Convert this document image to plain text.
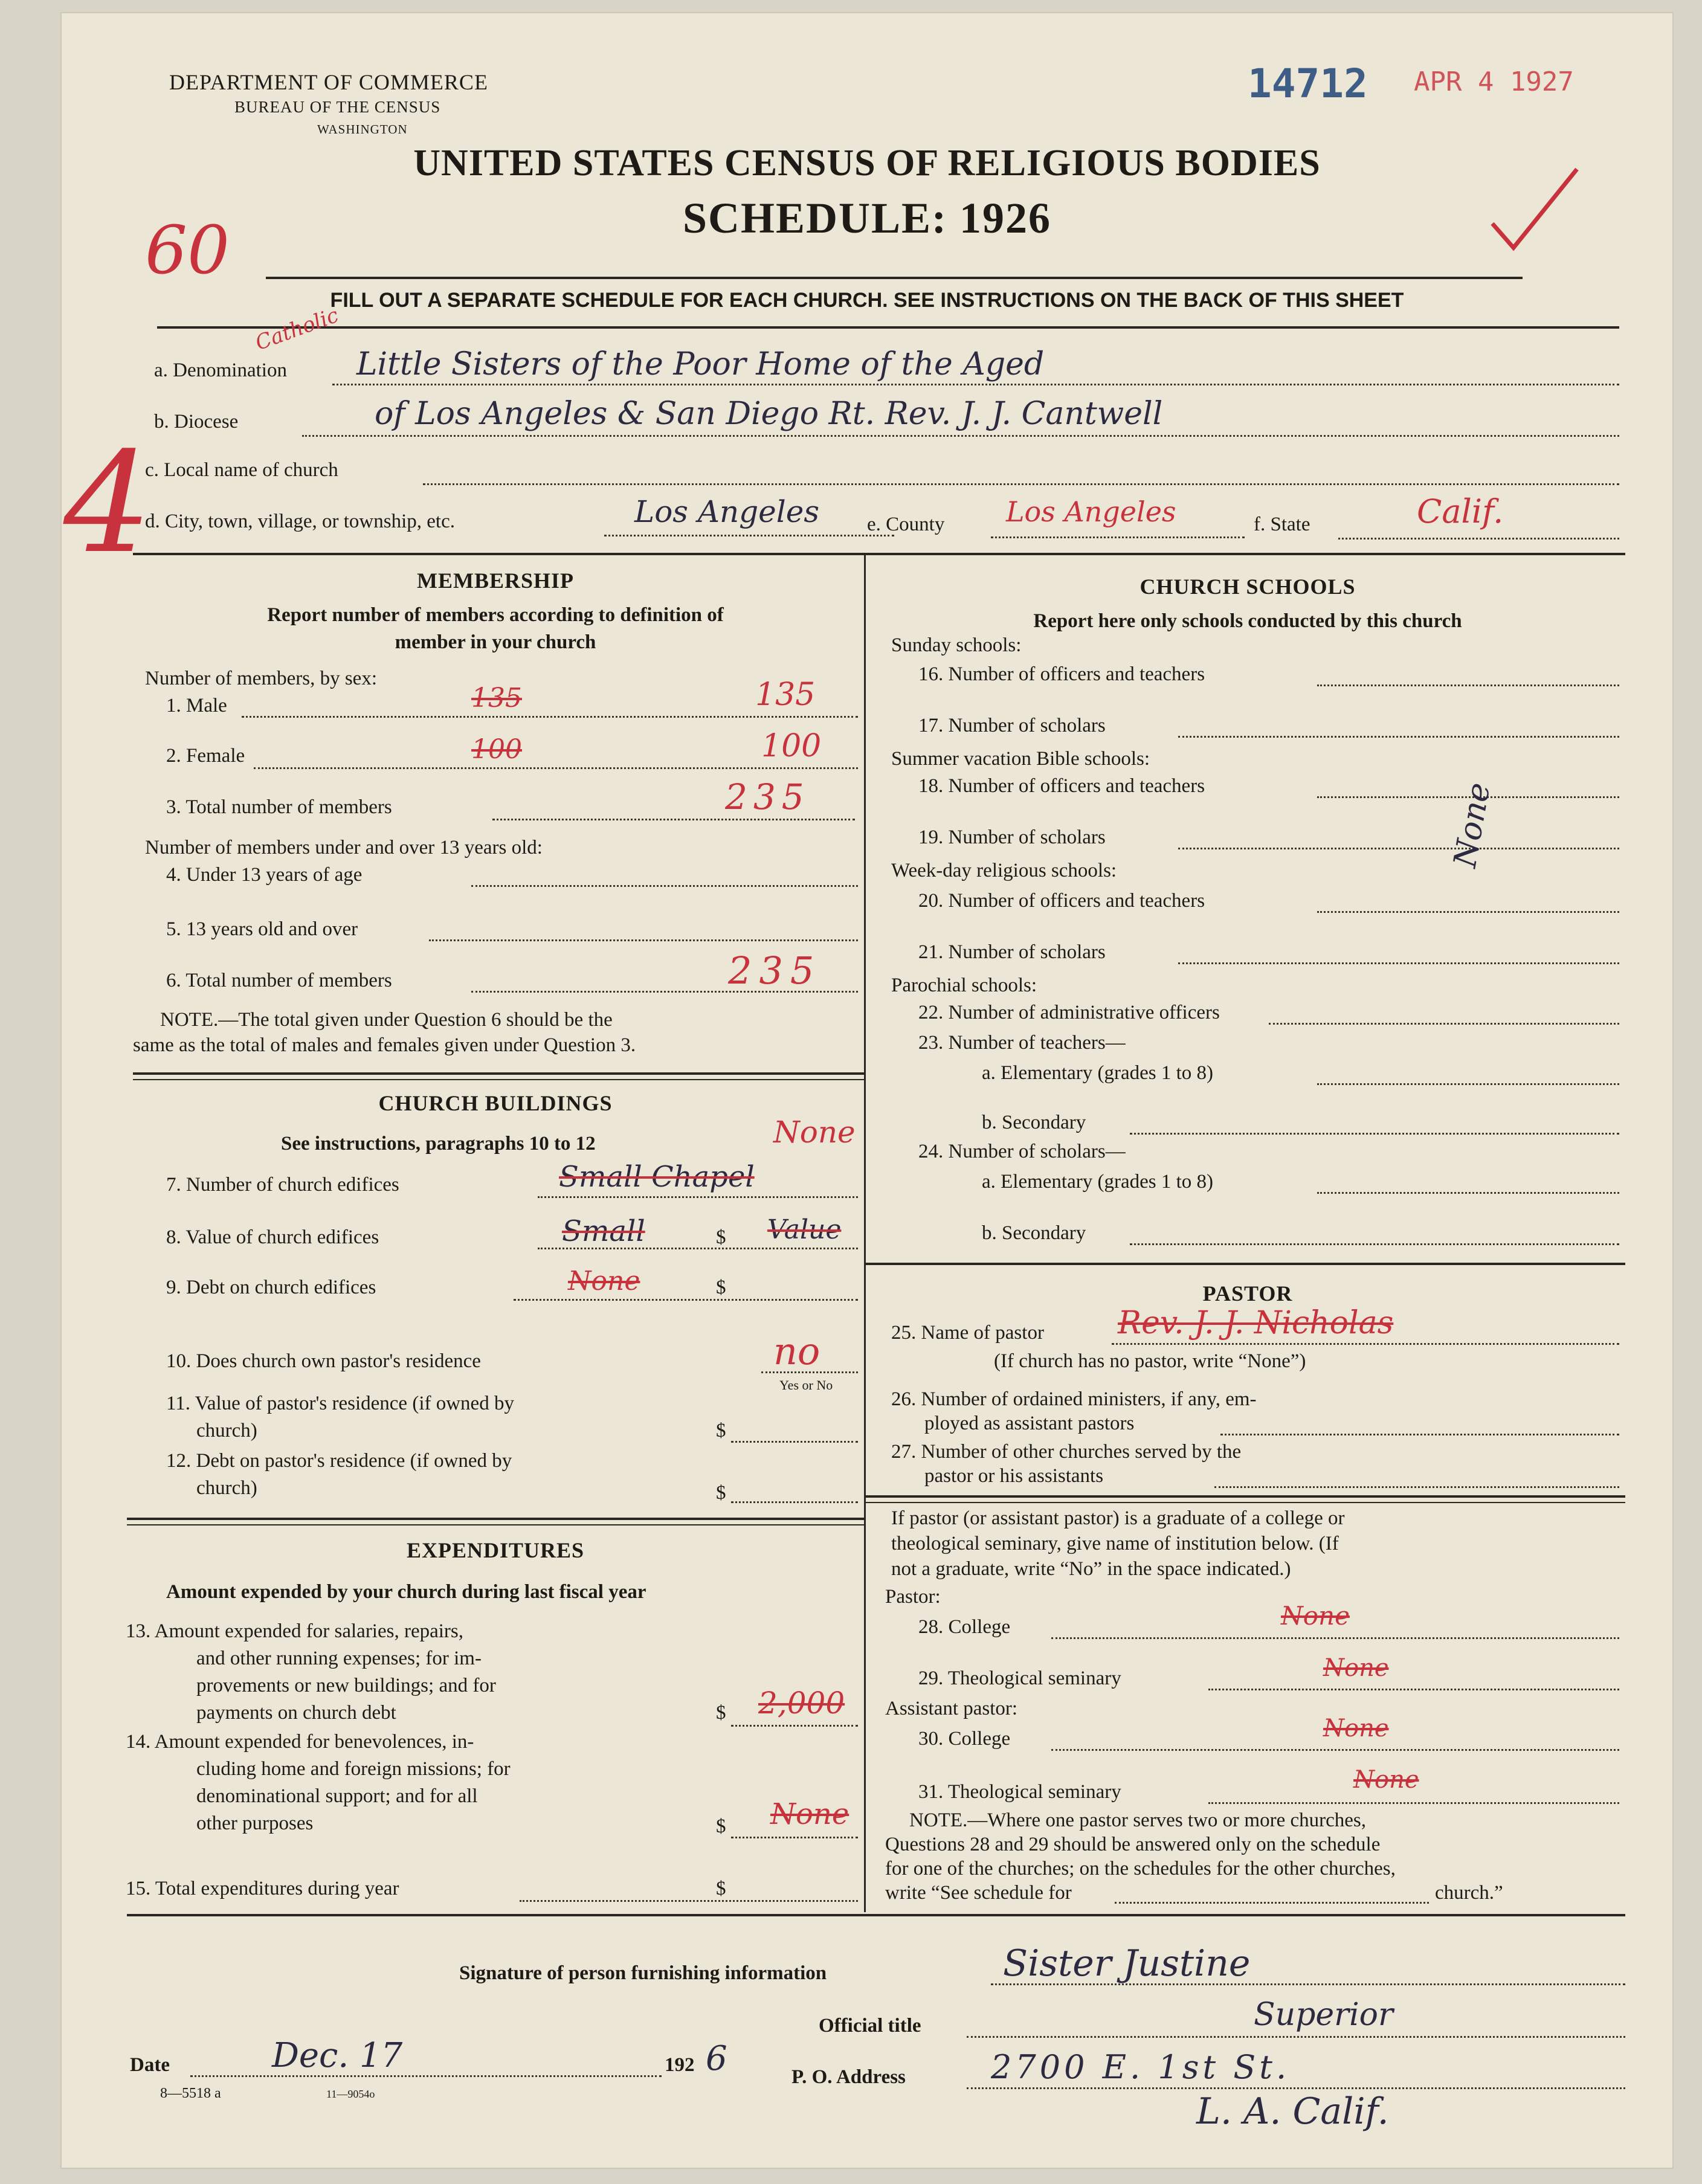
DEPARTMENT OF COMMERCE
BUREAU OF THE CENSUS
WASHINGTON
14712 APR 4 1927
UNITED STATES CENSUS OF RELIGIOUS BODIES
SCHEDULE: 1926
60
4
FILL OUT A SEPARATE SCHEDULE FOR EACH CHURCH. SEE INSTRUCTIONS ON THE BACK OF THIS SHEET
a. Denomination Little Sisters of the Poor Home of the Aged
Catholic
b. Diocese	of Los Angeles & San Diego Rt. Rev. J. J. Cantwell
c. Local name of church
d. City, town, village, or township, etc.	Los Angeles e. County Los Angeles	f. State	Calif.
MEMBERSHIP
Report number of members according to definition of
member in your church
Number of members, by sex:
1. Male	135	135
2. Female	100	100
3. Total number of members	235
Number of members under and over 13 years old:
4. Under 13 years of age
5. 13 years old and over
6. Total number of members	235
NOTE.—The total given under Question 6 should be the
same as the total of males and females given under Question 3.
CHURCH BUILDINGS
See instructions, paragraphs 10 to 12	None
7. Number of church edifices	Small Chapel
8. Value of church edifices	Small	$ Value
9. Debt on church edifices	None	$
10. Does church own pastor's residence	no
Yes or No
11. Value of pastor's residence (if owned by
church)	$
12. Debt on pastor's residence (if owned by
church)	$
EXPENDITURES
Amount expended by your church during last fiscal year
13. Amount expended for salaries, repairs,
and other running expenses; for im-
provements or new buildings; and for
payments on church debt	$ 2,000
14. Amount expended for benevolences, in-
cluding home and foreign missions; for
denominational support; and for all
other purposes	$ None
15. Total expenditures during year	$
CHURCH SCHOOLS
Report here only schools conducted by this church
Sunday schools:
16. Number of officers and teachers
17. Number of scholars
Summer vacation Bible schools:
18. Number of officers and teachers
19. Number of scholars
Week-day religious schools:
20. Number of officers and teachers
21. Number of scholars
None
Parochial schools:
22. Number of administrative officers
23. Number of teachers—
a. Elementary (grades 1 to 8)
b. Secondary
24. Number of scholars—
a. Elementary (grades 1 to 8)
b. Secondary
PASTOR
25. Name of pastor Rev. J. J. Nicholas
(If church has no pastor, write “None”)
26. Number of ordained ministers, if any, em-
ployed as assistant pastors
27. Number of other churches served by the
pastor or his assistants
If pastor (or assistant pastor) is a graduate of a college or
theological seminary, give name of institution below. (If
not a graduate, write “No” in the space indicated.)
Pastor:
28. College	None
29. Theological seminary	None
Assistant pastor:
30. College	None
31. Theological seminary	None
NOTE.—Where one pastor serves two or more churches,
Questions 28 and 29 should be answered only on the schedule
for one of the churches; on the schedules for the other churches,
write “See schedule for	church.”
Signature of person furnishing information	Sister Justine
Official title	Superior
Date	Dec. 17	192 6	P. O. Address	2700 E. 1st St.
L. A. Calif.
8—5518 a	11—9054o
